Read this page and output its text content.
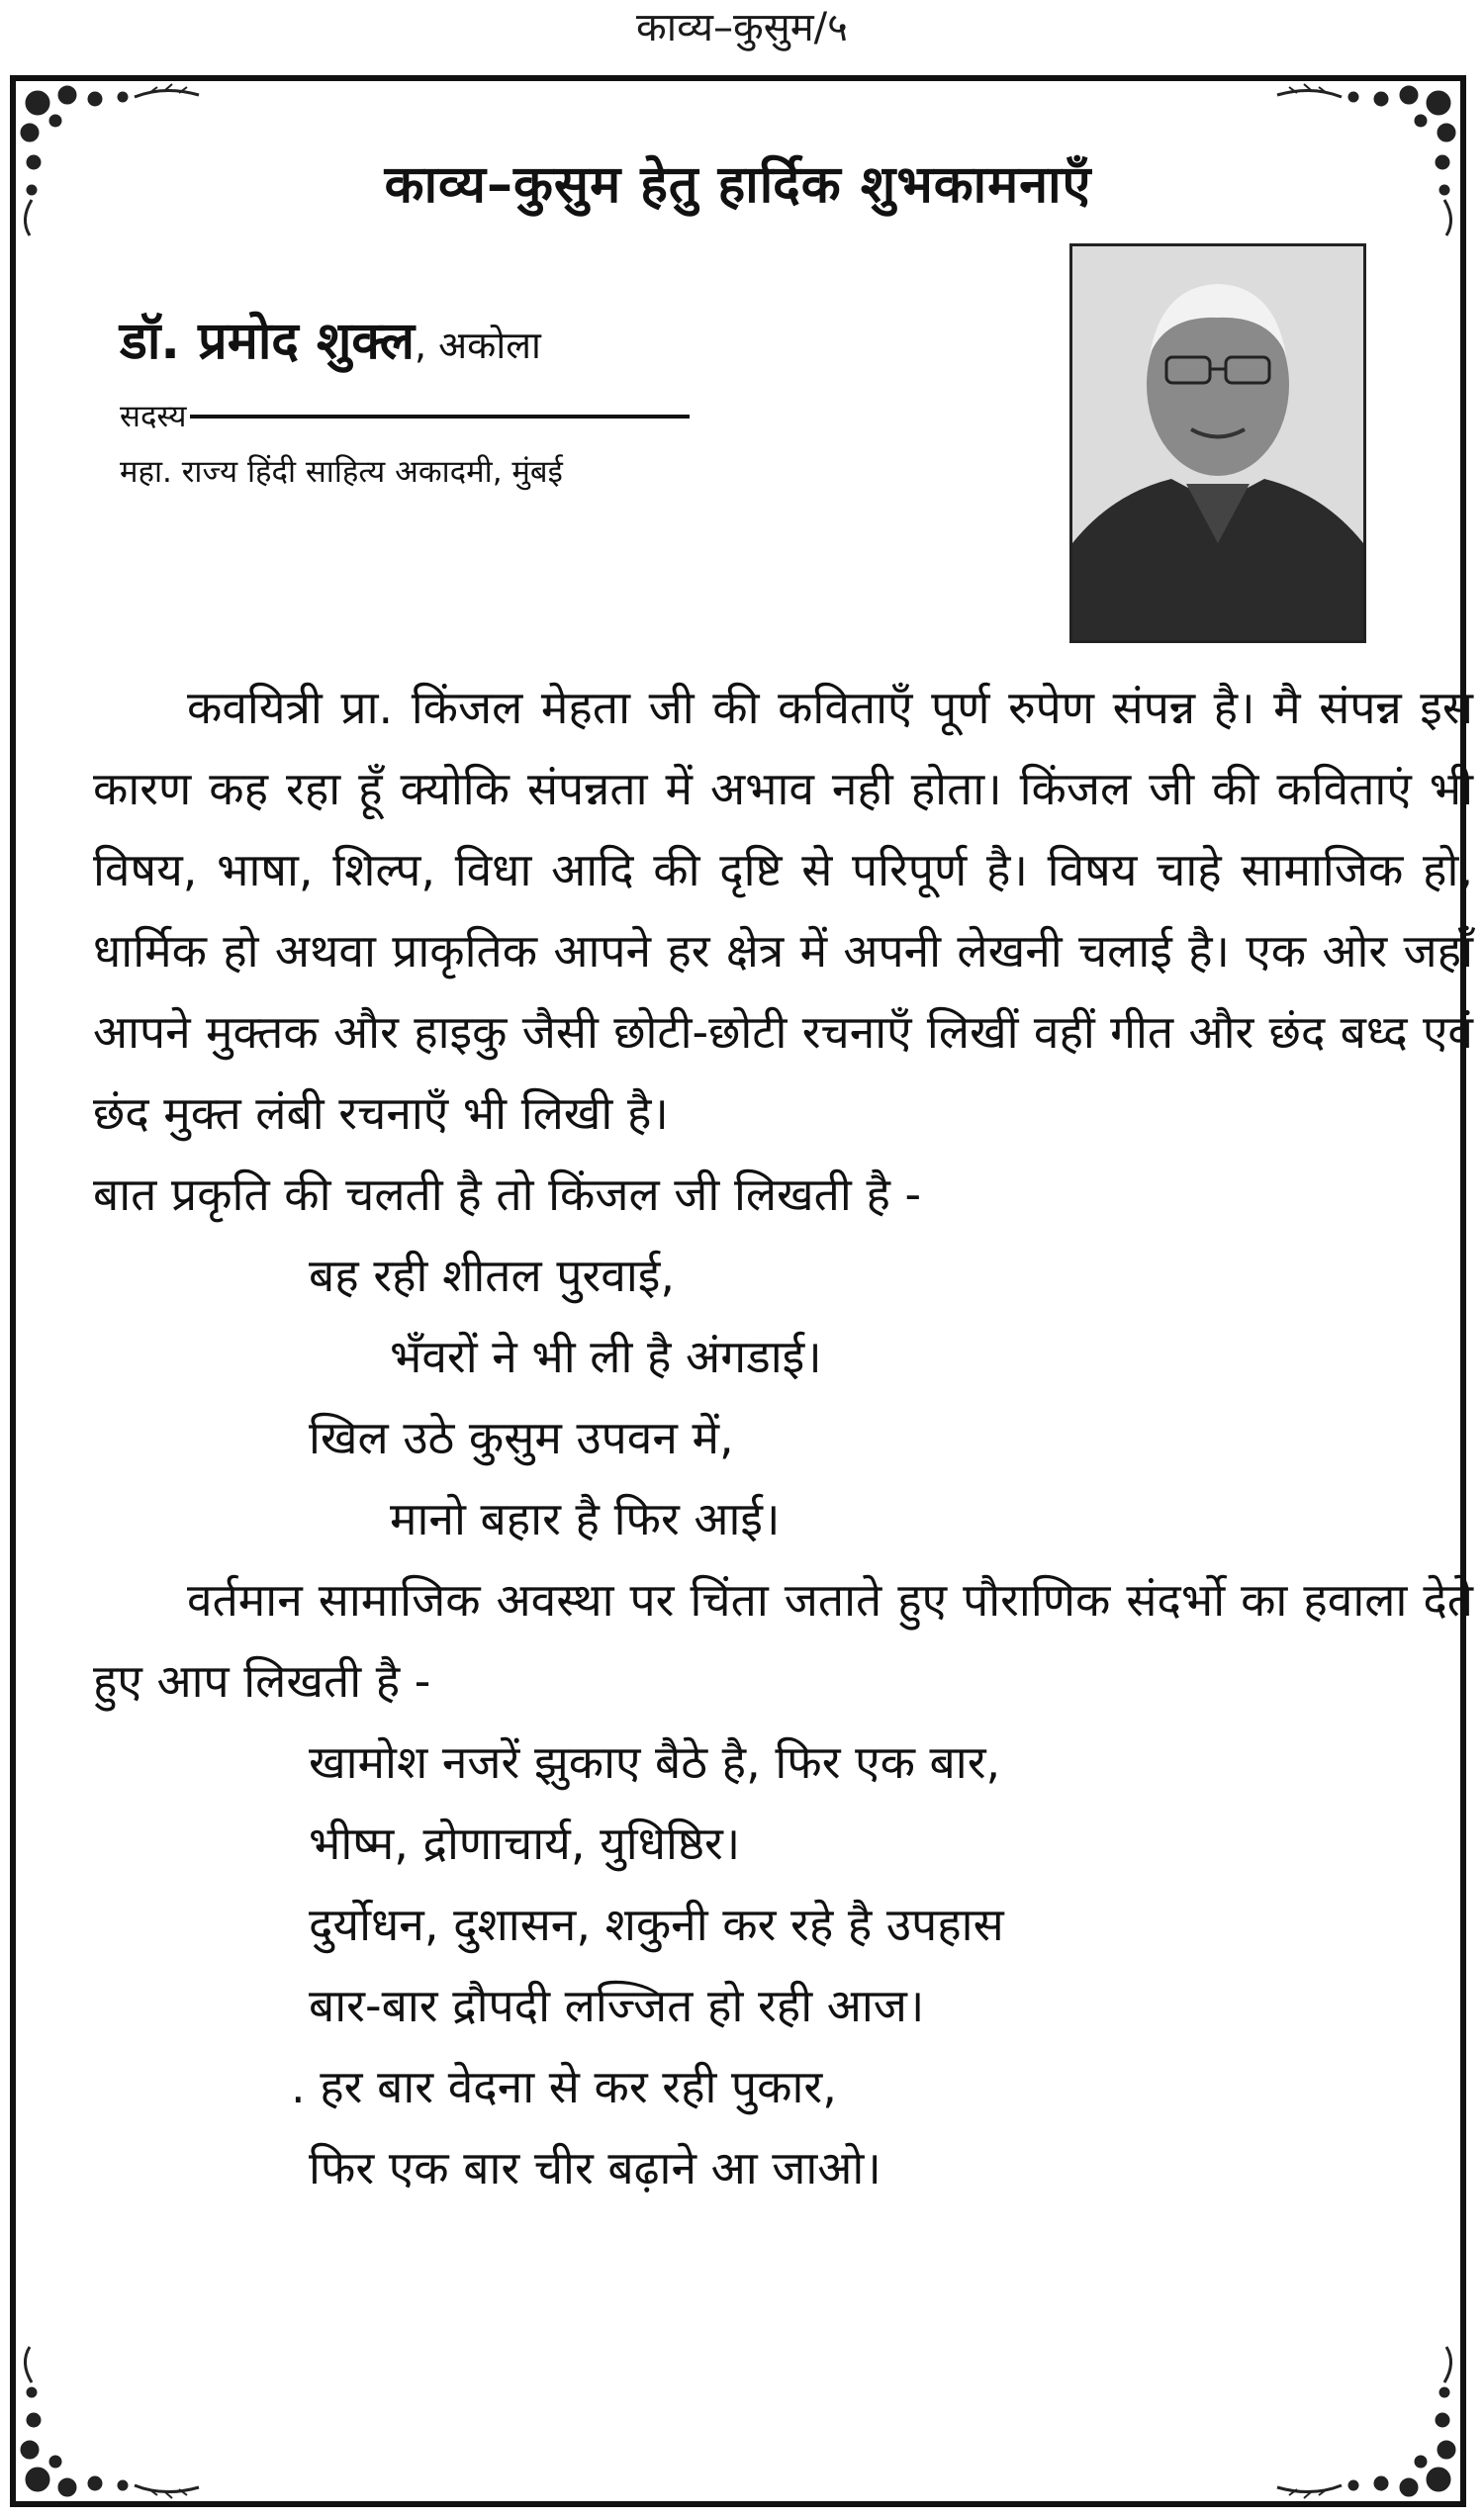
काव्य–कुसुम/५
काव्य–कुसुम हेतु हार्दिक शुभकामनाएँ
डॉ. प्रमोद शुक्ल, अकोला
सदस्य
महा. राज्य हिंदी साहित्य अकादमी, मुंबई

कवयित्री प्रा. किंजल मेहता जी की कविताएँ पूर्ण रुपेण संपन्न है। मै संपन्न इस कारण कह रहा हूँ क्योकि संपन्नता में अभाव नही होता। किंजल जी की कविताएं भी विषय, भाषा, शिल्प, विधा आदि की दृष्टि से परिपूर्ण है। विषय चाहे सामाजिक हो, धार्मिक हो अथवा प्राकृतिक आपने हर क्षेत्र में अपनी लेखनी चलाई है। एक ओर जहाँ आपने मुक्तक और हाइकु जैसी छोटी-छोटी रचनाएँ लिखीं वहीं गीत और छंद बध्द एवं छंद मुक्त लंबी रचनाएँ भी लिखी है।

बात प्रकृति की चलती है तो किंजल जी लिखती है -

बह रही शीतल पुरवाई,

भँवरों ने भी ली है अंगडाई।

खिल उठे कुसुम उपवन में,

मानो बहार है फिर आई।

वर्तमान सामाजिक अवस्था पर चिंता जताते हुए पौराणिक संदर्भो का हवाला देते हुए आप लिखती है -

खामोश नजरें झुकाए बैठे है, फिर एक बार,

भीष्म, द्रोणाचार्य, युधिष्ठिर।

दुर्योधन, दुशासन, शकुनी कर रहे है उपहास

बार-बार द्रौपदी लज्जित हो रही आज।

. हर बार वेदना से कर रही पुकार,

फिर एक बार चीर बढ़ाने आ जाओ।
